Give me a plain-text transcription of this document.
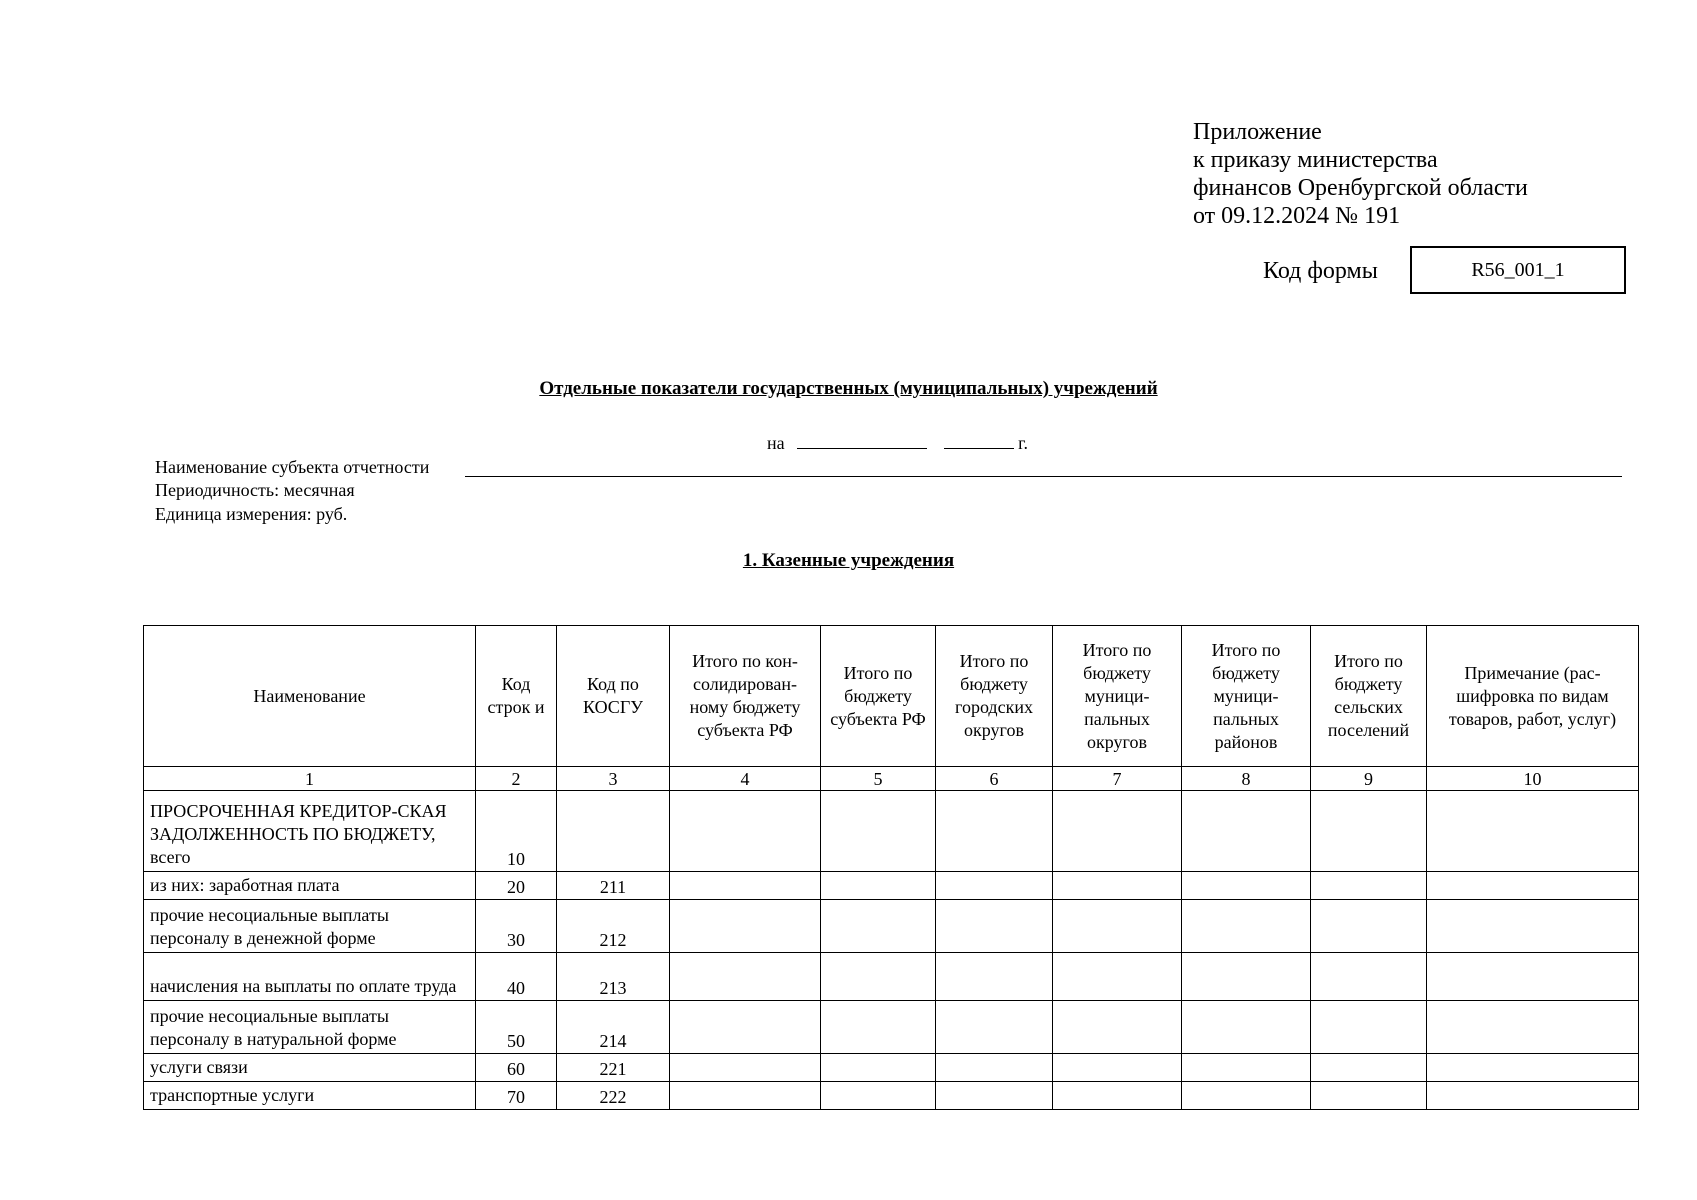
Приложение
к приказу министерства
финансов Оренбургской области
от 09.12.2024 № 191
Код формы	R56_001_1
Отдельные показатели государственных (муниципальных) учреждений
на	г.
Наименование субъекта отчетности
Периодичность: месячная
Единица измерения: руб.
1. Казенные учреждения
Наименование	Код строк и	Код по КОСГУ	Итого по кон-солидирован-ному бюджету субъекта РФ	Итого по бюджету субъекта РФ	Итого по бюджету городских округов	Итого по бюджету муници-пальных округов	Итого по бюджету муници-пальных районов	Итого по бюджету сельских поселений	Примечание (рас-шифровка по видам товаров, работ, услуг)
1	2	3	4	5	6	7	8	9	10
ПРОСРОЧЕННАЯ КРЕДИТОР-СКАЯ ЗАДОЛЖЕННОСТЬ ПО БЮДЖЕТУ, всего	10								
из них: заработная плата	20	211							
прочие несоциальные выплаты персоналу в денежной форме	30	212							
начисления на выплаты по оплате труда	40	213							
прочие несоциальные выплаты персоналу в натуральной форме	50	214							
услуги связи	60	221							
транспортные услуги	70	222							
